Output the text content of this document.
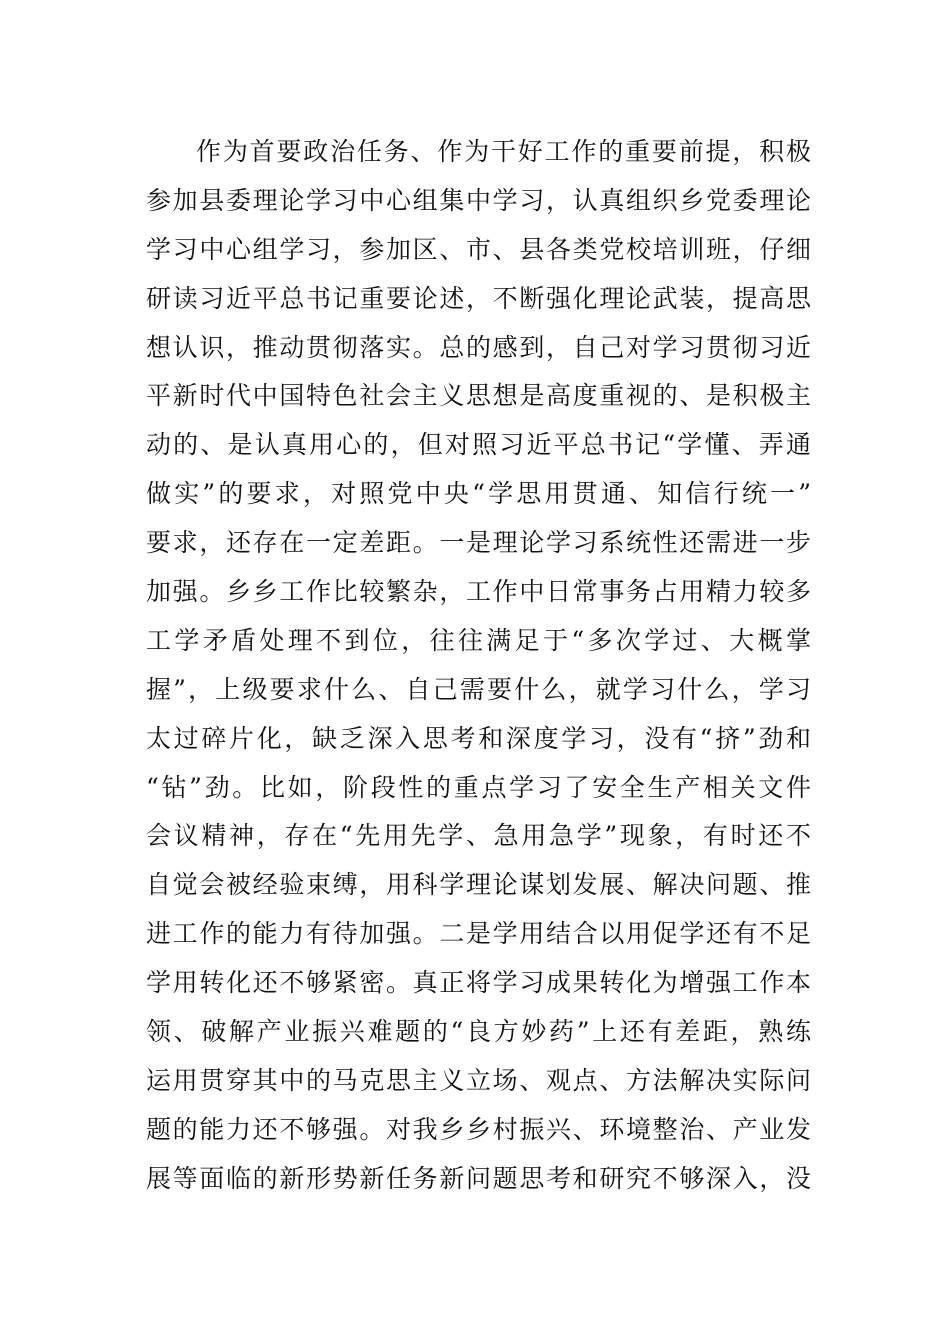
作为首要政治任务、作为干好工作的重要前提，积极
参加县委理论学习中心组集中学习，认真组织乡党委理论
学习中心组学习，参加区、市、县各类党校培训班，仔细
研读习近平总书记重要论述，不断强化理论武装，提高思
想认识，推动贯彻落实。总的感到，自己对学习贯彻习近
平新时代中国特色社会主义思想是高度重视的、是积极主
动的、是认真用心的，但对照习近平总书记“学懂、弄通
做实”的要求，对照党中央“学思用贯通、知信行统一”
要求，还存在一定差距。一是理论学习系统性还需进一步
加强。乡乡工作比较繁杂，工作中日常事务占用精力较多
工学矛盾处理不到位，往往满足于“多次学过、大概掌
握”，上级要求什么、自己需要什么，就学习什么，学习
太过碎片化，缺乏深入思考和深度学习，没有“挤”劲和
“钻”劲。比如，阶段性的重点学习了安全生产相关文件
会议精神，存在“先用先学、急用急学”现象，有时还不
自觉会被经验束缚，用科学理论谋划发展、解决问题、推
进工作的能力有待加强。二是学用结合以用促学还有不足
学用转化还不够紧密。真正将学习成果转化为增强工作本
领、破解产业振兴难题的“良方妙药”上还有差距，熟练
运用贯穿其中的马克思主义立场、观点、方法解决实际问
题的能力还不够强。对我乡乡村振兴、环境整治、产业发
展等面临的新形势新任务新问题思考和研究不够深入，没
